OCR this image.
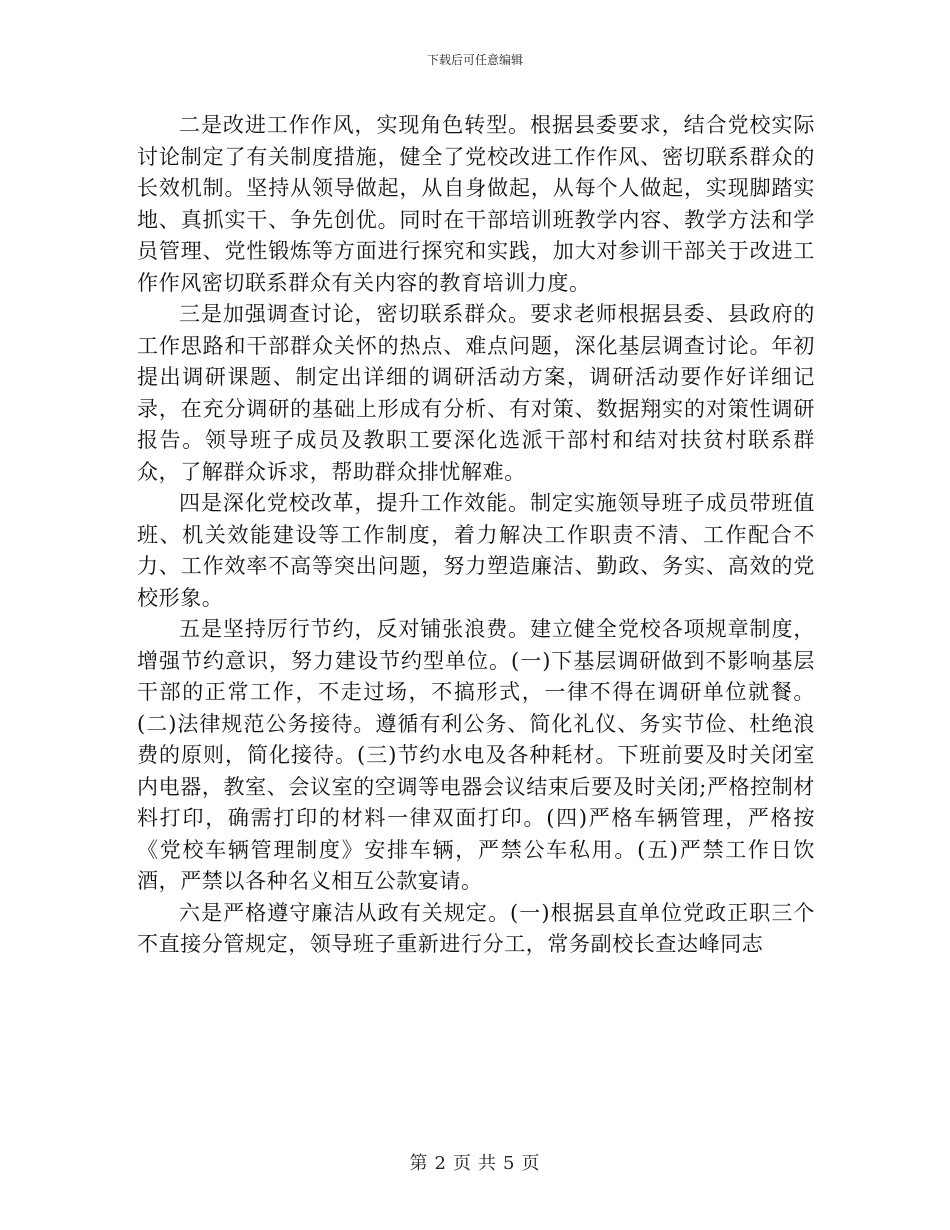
下载后可任意编辑

二是改进工作作风，实现角色转型。根据县委要求，结合党校实际讨论制定了有关制度措施，健全了党校改进工作作风、密切联系群众的长效机制。坚持从领导做起，从自身做起，从每个人做起，实现脚踏实地、真抓实干、争先创优。同时在干部培训班教学内容、教学方法和学员管理、党性锻炼等方面进行探究和实践，加大对参训干部关于改进工作作风密切联系群众有关内容的教育培训力度。

三是加强调查讨论，密切联系群众。要求老师根据县委、县政府的工作思路和干部群众关怀的热点、难点问题，深化基层调查讨论。年初提出调研课题、制定出详细的调研活动方案，调研活动要作好详细记录，在充分调研的基础上形成有分析、有对策、数据翔实的对策性调研报告。领导班子成员及教职工要深化选派干部村和结对扶贫村联系群众，了解群众诉求，帮助群众排忧解难。

四是深化党校改革，提升工作效能。制定实施领导班子成员带班值班、机关效能建设等工作制度，着力解决工作职责不清、工作配合不力、工作效率不高等突出问题，努力塑造廉洁、勤政、务实、高效的党校形象。

五是坚持厉行节约，反对铺张浪费。建立健全党校各项规章制度，增强节约意识，努力建设节约型单位。(一)下基层调研做到不影响基层干部的正常工作，不走过场，不搞形式，一律不得在调研单位就餐。(二)法律规范公务接待。遵循有利公务、简化礼仪、务实节俭、杜绝浪费的原则，简化接待。(三)节约水电及各种耗材。下班前要及时关闭室内电器，教室、会议室的空调等电器会议结束后要及时关闭;严格控制材料打印，确需打印的材料一律双面打印。(四)严格车辆管理，严格按《党校车辆管理制度》安排车辆，严禁公车私用。(五)严禁工作日饮酒，严禁以各种名义相互公款宴请。

六是严格遵守廉洁从政有关规定。(一)根据县直单位党政正职三个不直接分管规定，领导班子重新进行分工，常务副校长查达峰同志

第 2 页 共 5 页
